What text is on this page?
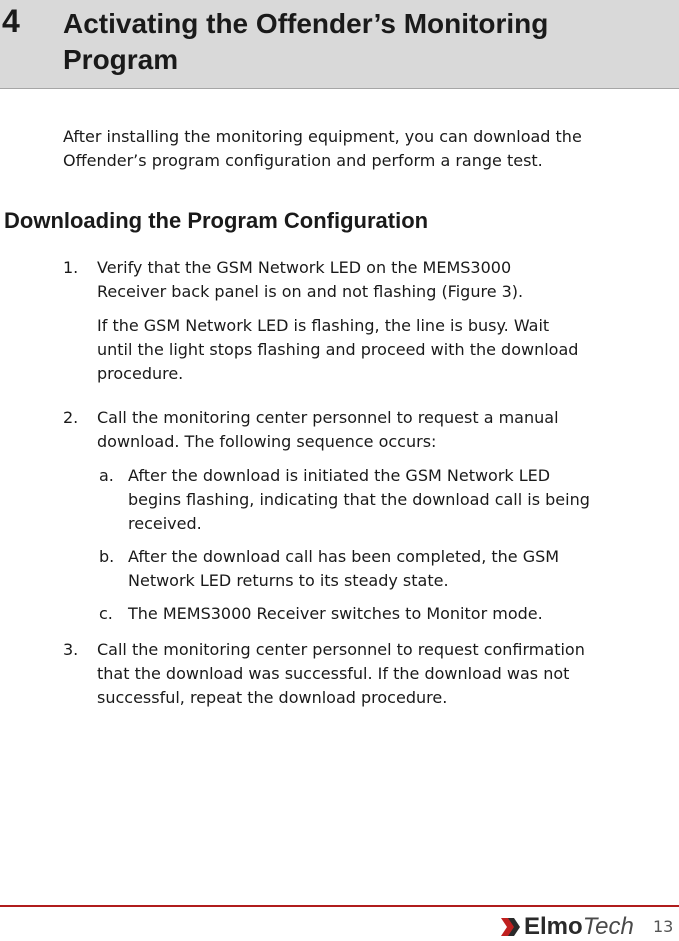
4 Activating the Offender’s Monitoring
Program
After installing the monitoring equipment, you can download the
Offender’s program configuration and perform a range test.
Downloading the Program Configuration
1. Verify that the GSM Network LED on the MEMS3000
Receiver back panel is on and not flashing (Figure 3).
If the GSM Network LED is flashing, the line is busy. Wait
until the light stops flashing and proceed with the download
procedure.
2. Call the monitoring center personnel to request a manual
download. The following sequence occurs:
a. After the download is initiated the GSM Network LED
begins flashing, indicating that the download call is being
received.
b. After the download call has been completed, the GSM
Network LED returns to its steady state.
c. The MEMS3000 Receiver switches to Monitor mode.
3. Call the monitoring center personnel to request confirmation
that the download was successful. If the download was not
successful, repeat the download procedure.
ElmoTech 13
